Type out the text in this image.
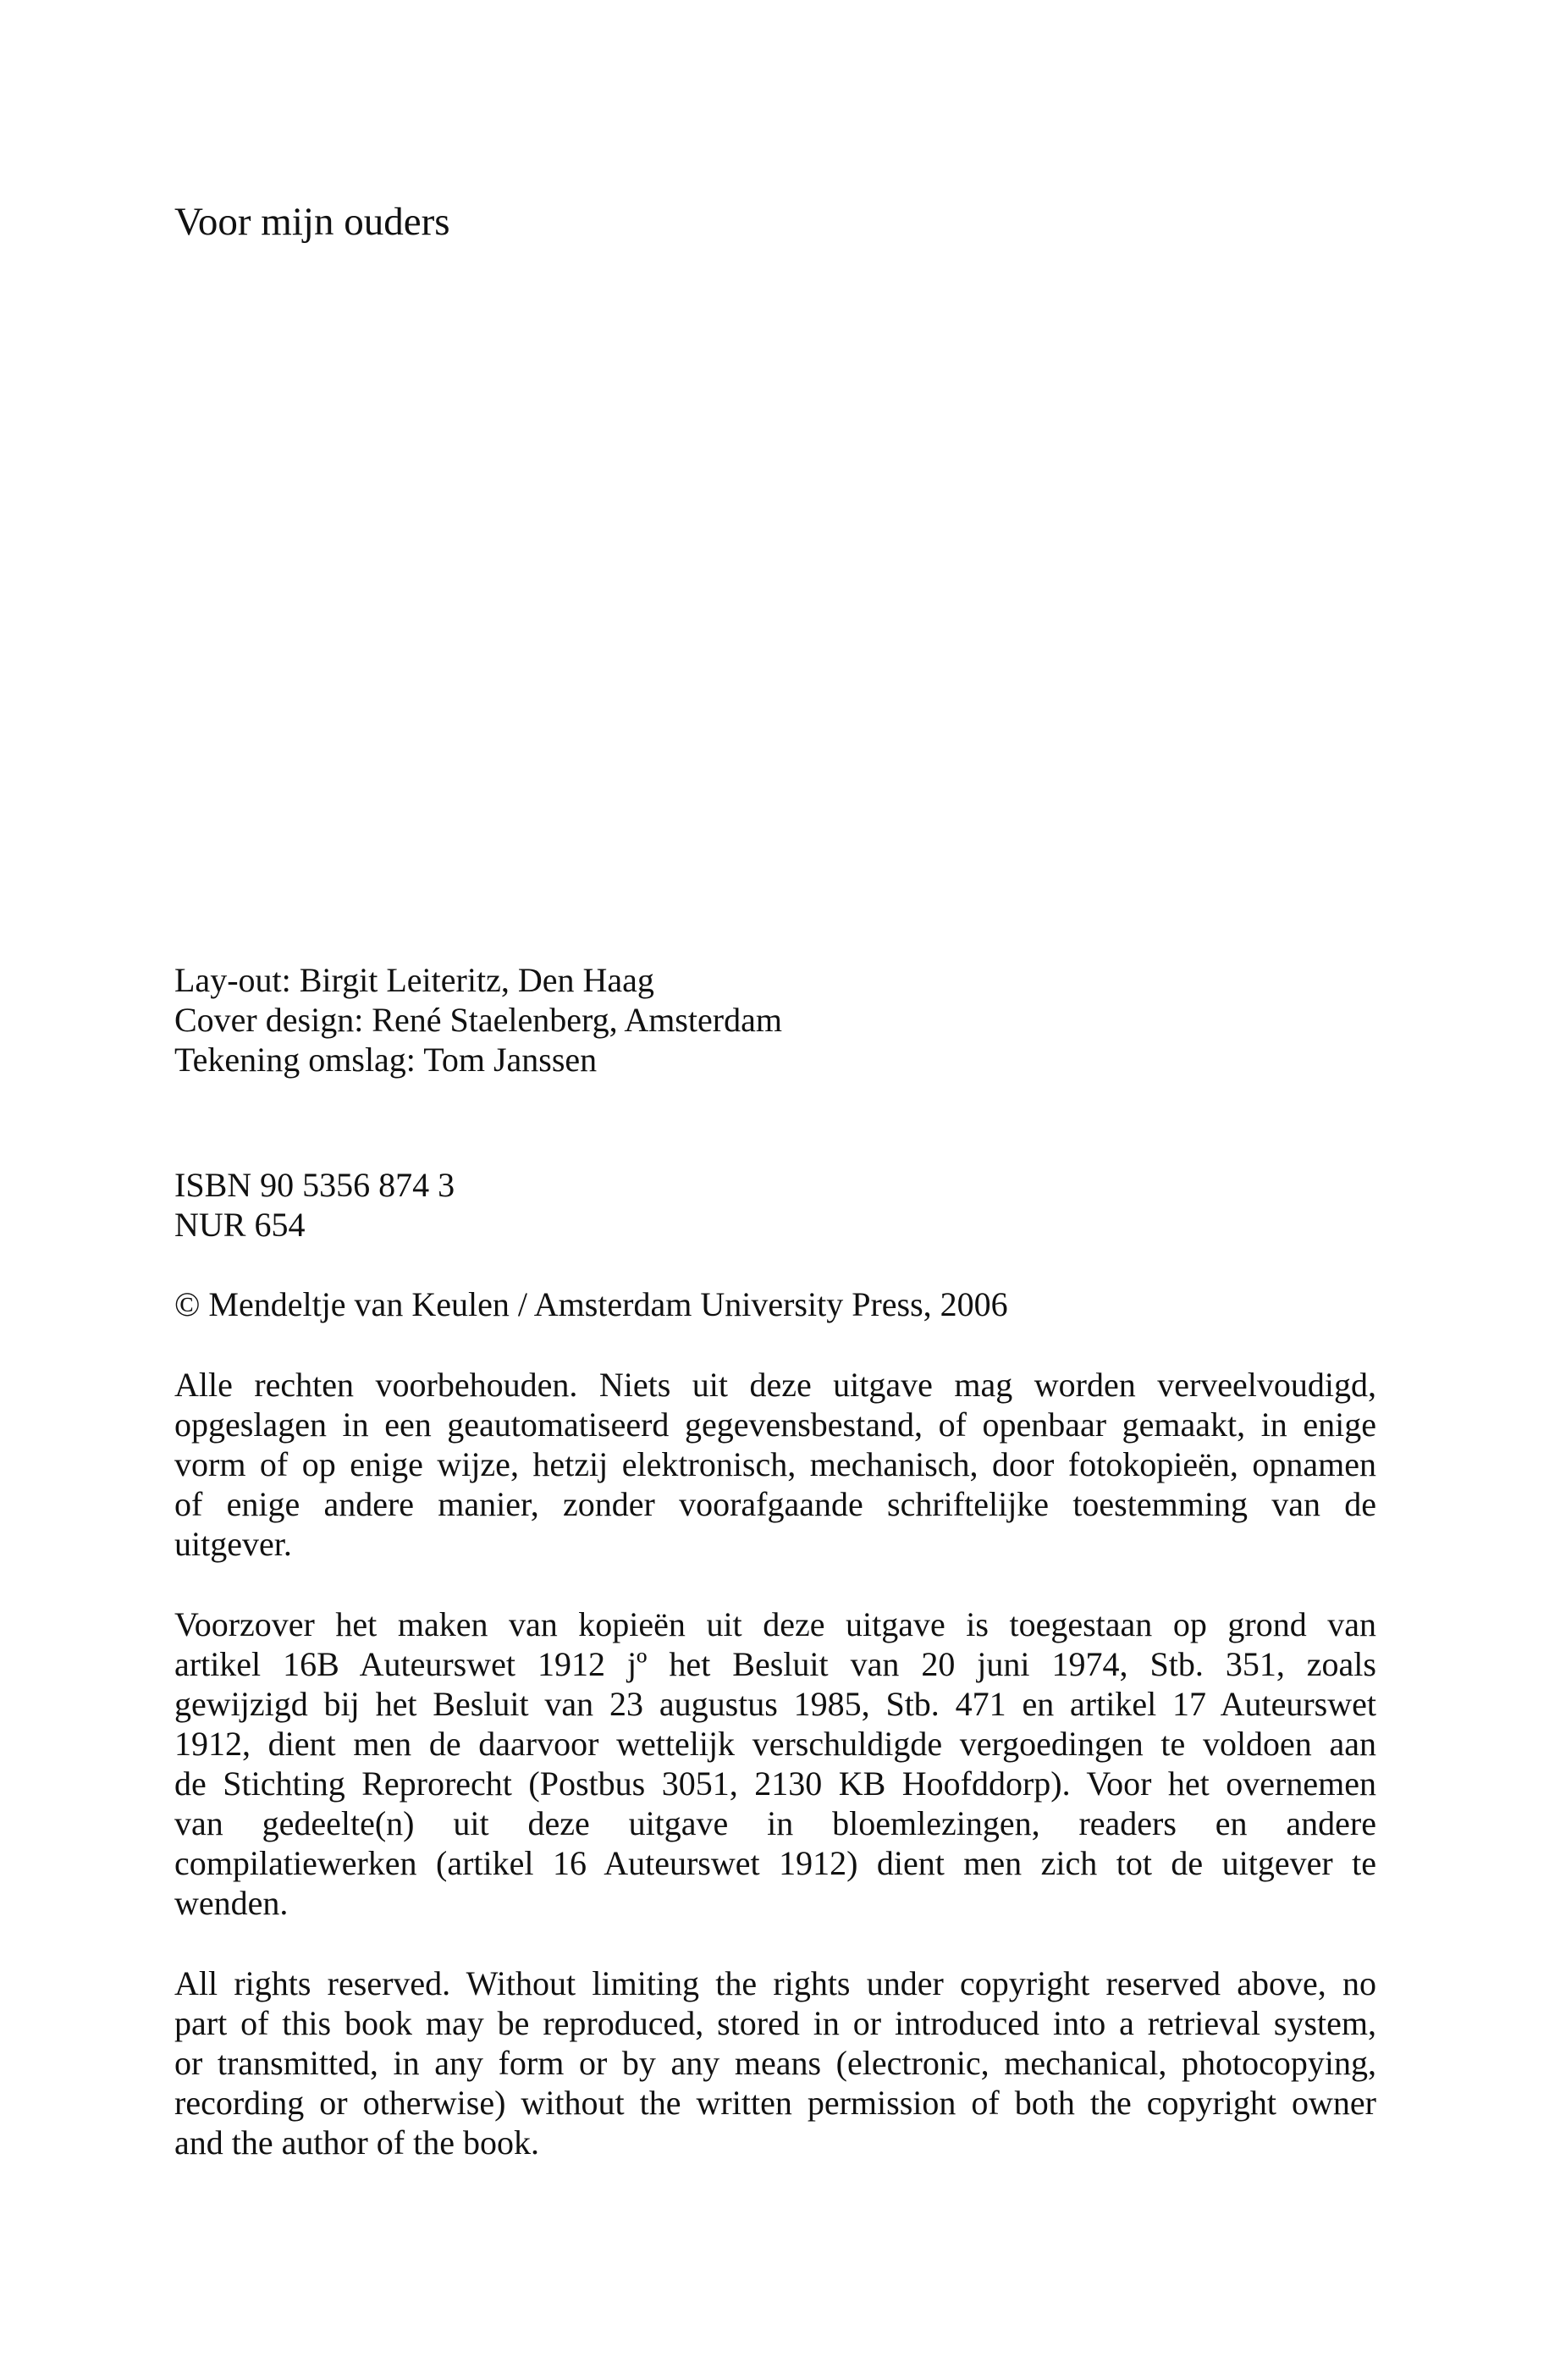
Voor mijn ouders

Lay-out: Birgit Leiteritz, Den Haag
Cover design: René Staelenberg, Amsterdam
Tekening omslag: Tom Janssen

ISBN 90 5356 874 3
NUR 654

© Mendeltje van Keulen / Amsterdam University Press, 2006

Alle rechten voorbehouden. Niets uit deze uitgave mag worden verveelvoudigd,
opgeslagen in een geautomatiseerd gegevensbestand, of openbaar gemaakt, in enige
vorm of op enige wijze, hetzij elektronisch, mechanisch, door fotokopieën, opnamen
of enige andere manier, zonder voorafgaande schriftelijke toestemming van de
uitgever.

Voorzover het maken van kopieën uit deze uitgave is toegestaan op grond van
artikel 16B Auteurswet 1912 jº het Besluit van 20 juni 1974, Stb. 351, zoals
gewijzigd bij het Besluit van 23 augustus 1985, Stb. 471 en artikel 17 Auteurswet
1912, dient men de daarvoor wettelijk verschuldigde vergoedingen te voldoen aan
de Stichting Reprorecht (Postbus 3051, 2130 KB Hoofddorp). Voor het overnemen
van gedeelte(n) uit deze uitgave in bloemlezingen, readers en andere
compilatiewerken (artikel 16 Auteurswet 1912) dient men zich tot de uitgever te
wenden.

All rights reserved. Without limiting the rights under copyright reserved above, no
part of this book may be reproduced, stored in or introduced into a retrieval system,
or transmitted, in any form or by any means (electronic, mechanical, photocopying,
recording or otherwise) without the written permission of both the copyright owner
and the author of the book.
